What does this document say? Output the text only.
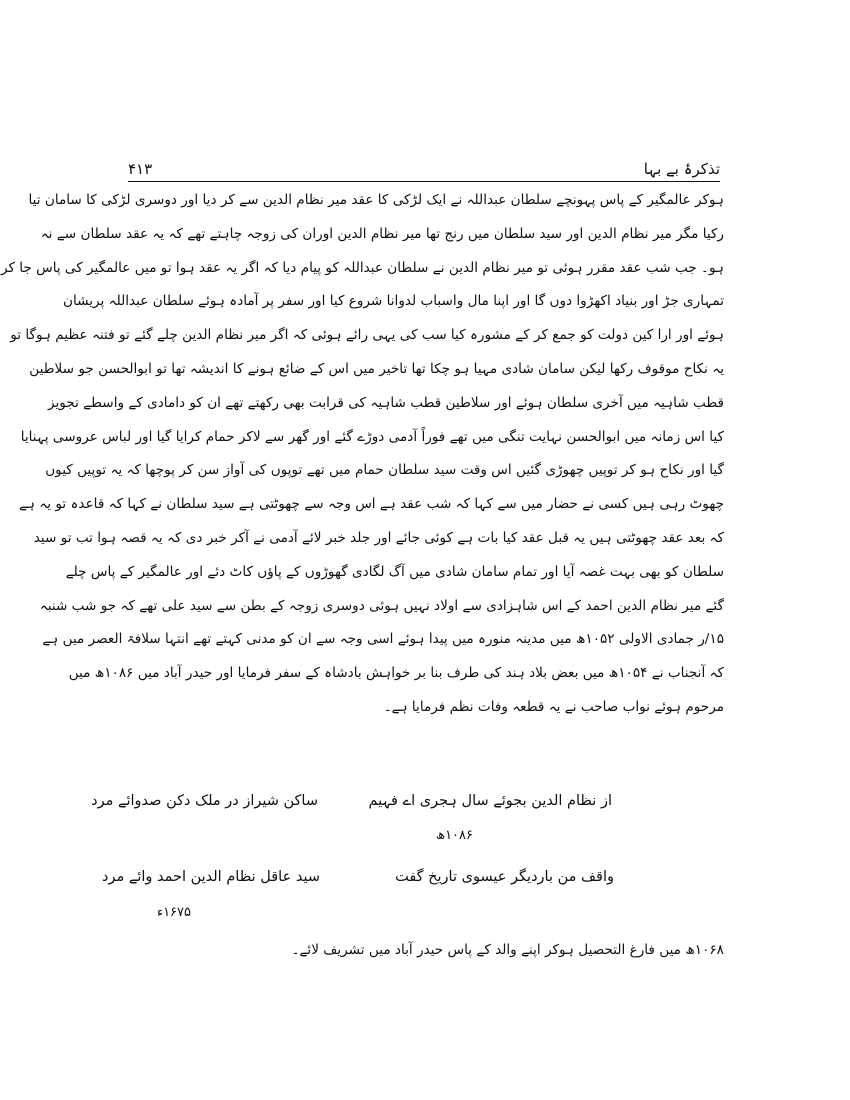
۴۱۳	تذکرۂ بے بہا
ہوکر عالمگیر کے پاس پہونچے سلطان عبداللہ نے ایک لڑکی کا عقد میر نظام الدین سے کر دیا اور دوسری لڑکی کا سامان تیا
رکیا مگر میر نظام الدین اور سید سلطان میں رنج تھا میر نظام الدین اوران کی زوجہ چاہتے تھے کہ یہ عقد سلطان سے نہ
ہو۔ جب شب عقد مقرر ہوئی تو میر نظام الدین نے سلطان عبداللہ کو پیام دیا کہ اگر یہ عقد ہوا تو میں عالمگیر کی پاس جا کر
تمہاری جڑ اور بنیاد اکھڑوا دوں گا اور اپنا مال واسباب لدوانا شروع کیا اور سفر پر آمادہ ہوئے سلطان عبداللہ پریشان
ہوئے اور ارا کین دولت کو جمع کر کے مشورہ کیا سب کی یہی رائے ہوئی کہ اگر میر نظام الدین چلے گئے تو فتنہ عظیم ہوگا تو
یہ نکاح موقوف رکھا لیکن سامان شادی مہیا ہو چکا تھا تاخیر میں اس کے ضائع ہونے کا اندیشہ تھا تو ابوالحسن جو سلاطین
قطب شاہیہ میں آخری سلطان ہوئے اور سلاطین قطب شاہیہ کی قرابت بھی رکھتے تھے ان کو دامادی کے واسطے تجویز
کیا اس زمانہ میں ابوالحسن نہایت تنگی میں تھے فوراً آدمی دوڑے گئے اور گھر سے لاکر حمام کرایا گیا اور لباس عروسی پہنایا
گیا اور نکاح ہو کر توپیں چھوڑی گئیں اس وقت سید سلطان حمام میں تھے توپوں کی آواز سن کر پوچھا کہ یہ توپیں کیوں
چھوٹ رہی ہیں کسی نے حضار میں سے کہا کہ شب عقد ہے اس وجہ سے چھوٹتی ہے سید سلطان نے کہا کہ قاعدہ تو یہ ہے
کہ بعد عقد چھوٹتی ہیں یہ قبل عقد کیا بات ہے کوئی جائے اور جلد خبر لائے آدمی نے آکر خبر دی کہ یہ قصہ ہوا تب تو سید
سلطان کو بھی بہت غصہ آیا اور تمام سامان شادی میں آگ لگادی گھوڑوں کے پاؤں کاٹ دئے اور عالمگیر کے پاس چلے
گئے میر نظام الدین احمد کے اس شاہزادی سے اولاد نہیں ہوئی دوسری زوجہ کے بطن سے سید علی تھے کہ جو شب شنبہ
۱۵/ر جمادی الاولی ۱۰۵۲ھ میں مدینہ منورہ میں پیدا ہوئے اسی وجہ سے ان کو مدنی کہتے تھے انتہا سلافۃ العصر میں ہے
کہ آنجناب نے ۱۰۵۴ھ میں بعض بلاد ہند کی طرف بنا بر خواہش بادشاہ کے سفر فرمایا اور حیدر آباد میں ۱۰۸۶ھ میں
مرحوم ہوئے نواب صاحب نے یہ قطعہ وفات نظم فرمایا ہے۔
از نظام الدین بجوئے سال ہجری اے فہیم
ساکن شیراز در ملک دکن صدوائے مرد
۱۰۸۶ھ
واقف من باردیگر عیسوی تاریخ گفت
سید عاقل نظام الدین احمد وائے مرد
۱۶۷۵ء
۱۰۶۸ھ میں فارغ التحصیل ہوکر اپنے والد کے پاس حیدر آباد میں تشریف لائے۔
